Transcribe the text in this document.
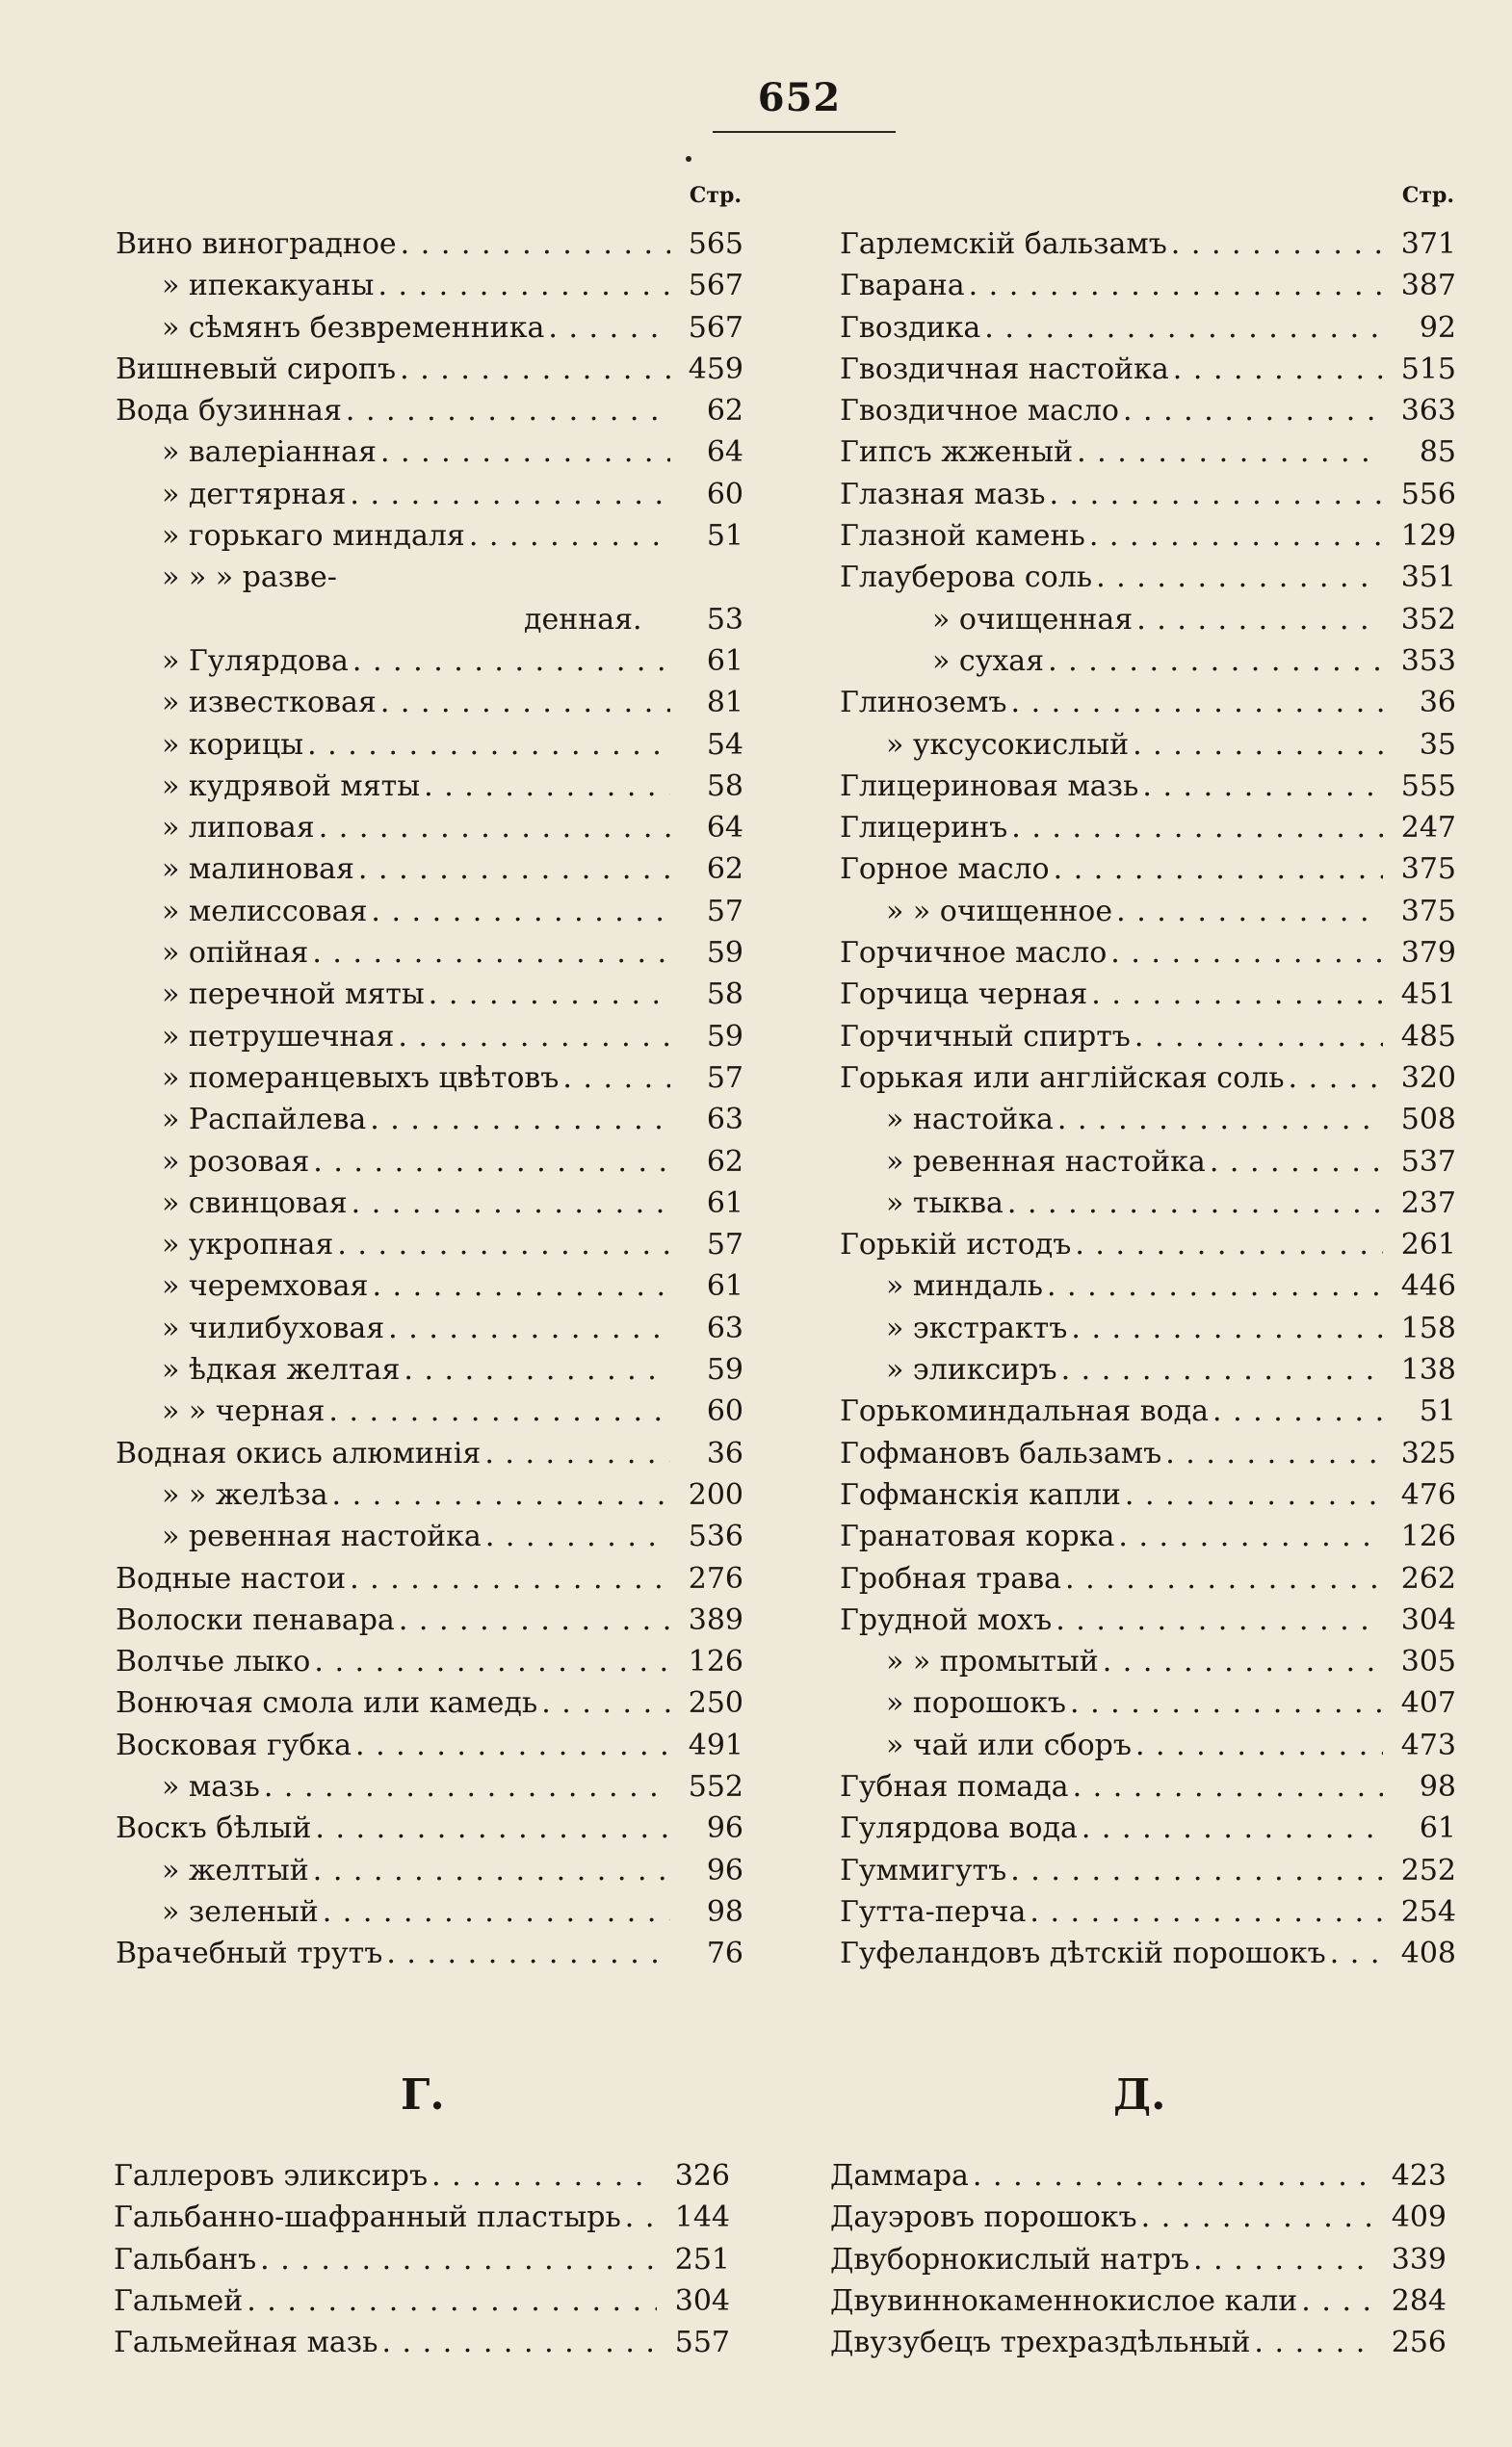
652
Стр.
Вино виноградное . . .	565
» ипекакуаны . . .	567
» сѣмянъ безвременника . . .	567
Вишневый сиропъ . . .	459
Вода бузинная . . .	62
» валеріанная . . .	64
» дегтярная . . .	60
» горькаго миндаля . . .	51
» » » разве-
денная.	53
» Гулярдова . . .	61
» известковая . . .	81
» корицы . . .	54
» кудрявой мяты . . .	58
» липовая . . .	64
» малиновая . . .	62
» мелиссовая . . .	57
» опійная . . .	59
» перечной мяты . . .	58
» петрушечная . . .	59
» померанцевыхъ цвѣтовъ . . .	57
» Распайлева . . .	63
» розовая . . .	62
» свинцовая . . .	61
» укропная . . .	57
» черемховая . . .	61
» чилибуховая . . .	63
» ѣдкая желтая . . .	59
» » черная . . .	60
Водная окись алюминія . . .	36
» » желѣза . . .	200
» ревенная настойка . . .	536
Водные настои . . .	276
Волоски пенавара . . .	389
Волчье лыко . . .	126
Вонючая смола или камедь . . .	250
Восковая губка . . .	491
» мазь . . .	552
Воскъ бѣлый . . .	96
» желтый . . .	96
» зеленый . . .	98
Врачебный трутъ . . .	76
Стр.
Гарлемскій бальзамъ . . .	371
Гварана . . .	387
Гвоздика . . .	92
Гвоздичная настойка . . .	515
Гвоздичное масло . . .	363
Гипсъ жженый . . .	85
Глазная мазь . . .	556
Глазной камень . . .	129
Глауберова соль . . .	351
» очищенная . . .	352
» сухая . . .	353
Глиноземъ . . .	36
» уксусокислый . . .	35
Глицериновая мазь . . .	555
Глицеринъ . . .	247
Горное масло . . .	375
» » очищенное . . .	375
Горчичное масло . . .	379
Горчица черная . . .	451
Горчичный спиртъ . . .	485
Горькая или англійская соль . . .	320
» настойка . . .	508
» ревенная настойка . . .	537
» тыква . . .	237
Горькій истодъ . . .	261
» миндаль . . .	446
» экстрактъ . . .	158
» эликсиръ . . .	138
Горькоминдальная вода . . .	51
Гофмановъ бальзамъ . . .	325
Гофманскія капли . . .	476
Гранатовая корка . . .	126
Гробная трава . . .	262
Грудной мохъ . . .	304
» » промытый . . .	305
» порошокъ . . .	407
» чай или сборъ . . .	473
Губная помада . . .	98
Гулярдова вода . . .	61
Гуммигутъ . . .	252
Гутта-перча . . .	254
Гуфеландовъ дѣтскій порошокъ . . .	408
Г.	Д.
Галлеровъ эликсиръ . . .	326
Гальбанно-шафранный пластырь . . .	144
Гальбанъ . . .	251
Гальмей . . .	304
Гальмейная мазь . . .	557
Даммара . . .	423
Дауэровъ порошокъ . . .	409
Двуборнокислый натръ . . .	339
Двувиннокаменнокислое кали . . .	284
Двузубецъ трехраздѣльный . . .	256
